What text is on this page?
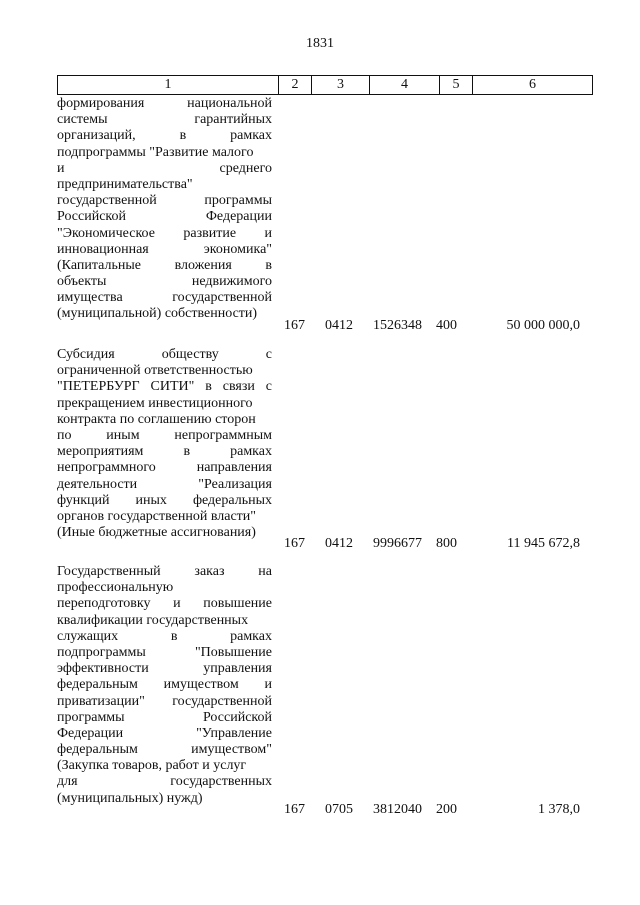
1831
1	2	3	4	5	6
формирования национальной
системы гарантийных
организаций, в рамках
подпрограммы "Развитие малого
и среднего
предпринимательства"
государственной программы
Российской Федерации
"Экономическое развитие и
инновационная экономика"
(Капитальные вложения в
объекты недвижимого
имущества государственной
(муниципальной) собственности)
167 0412 1526348 400	50 000 000,0
Субсидия обществу с
ограниченной ответственностью
"ПЕТЕРБУРГ СИТИ" в связи с
прекращением инвестиционного
контракта по соглашению сторон
по иным непрограммным
мероприятиям в рамках
непрограммного направления
деятельности "Реализация
функций иных федеральных
органов государственной власти"
(Иные бюджетные ассигнования)
167 0412 9996677 800	11 945 672,8
Государственный заказ на
профессиональную
переподготовку и повышение
квалификации государственных
служащих в рамках
подпрограммы "Повышение
эффективности управления
федеральным имуществом и
приватизации" государственной
программы Российской
Федерации "Управление
федеральным имуществом"
(Закупка товаров, работ и услуг
для государственных
(муниципальных) нужд)
167 0705 3812040 200	1 378,0
